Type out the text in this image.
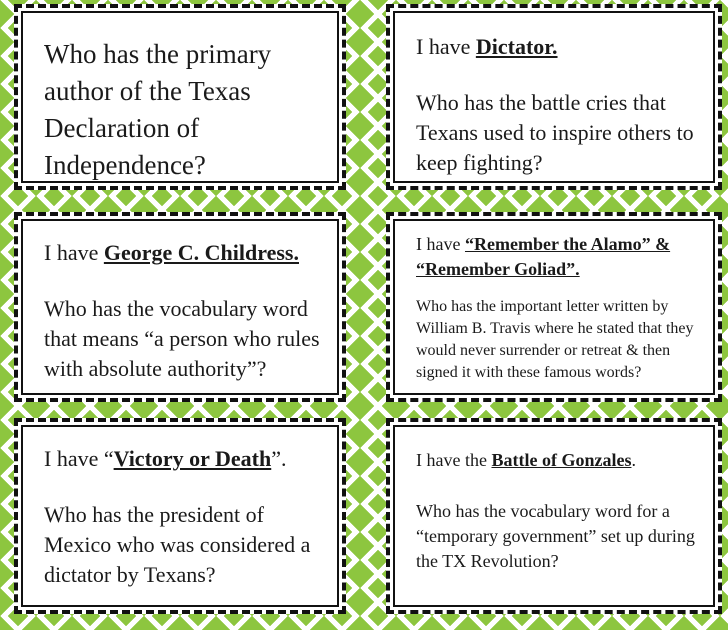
Who has the primary author of the Texas Declaration of Independence?

I have Dictator.

Who has the battle cries that Texans used to inspire others to keep fighting?

I have George C. Childress.

Who has the vocabulary word that means “a person who rules with absolute authority”?

I have “Remember the Alamo” & “Remember Goliad”.

Who has the important letter written by William B. Travis where he stated that they would never surrender or retreat & then signed it with these famous words?

I have “Victory or Death”.

Who has the president of Mexico who was considered a dictator by Texans?

I have the Battle of Gonzales.

Who has the vocabulary word for a “temporary government” set up during the TX Revolution?
